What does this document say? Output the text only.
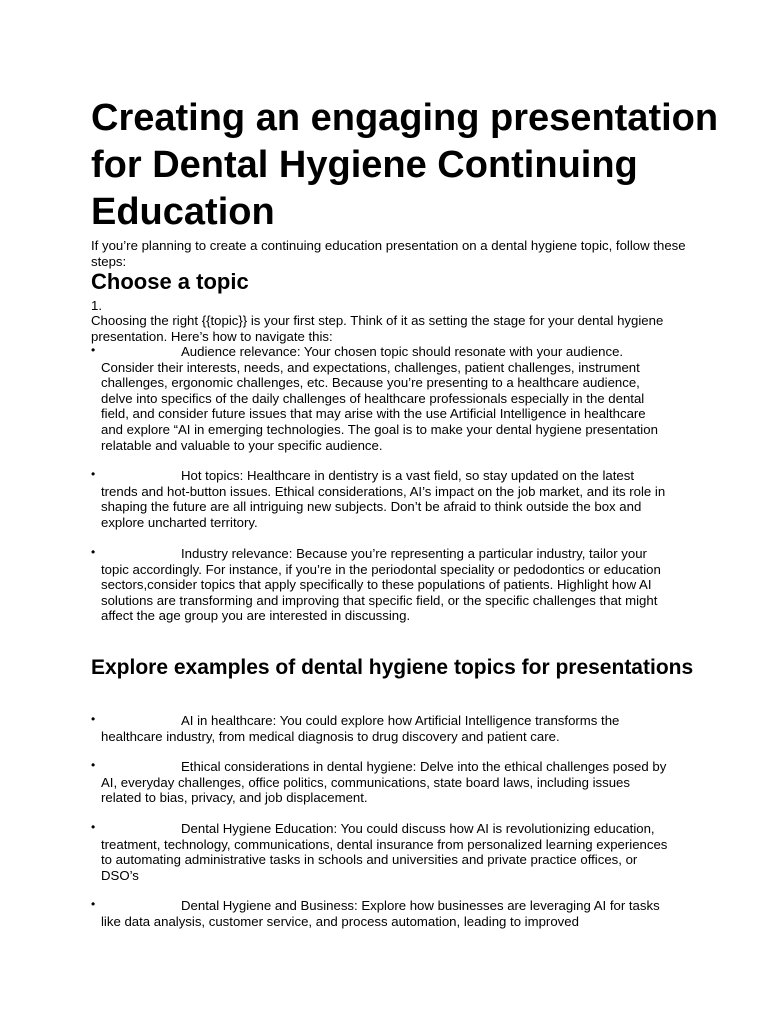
Creating an engaging presentation for Dental Hygiene Continuing Education

If you’re planning to create a continuing education presentation on a dental hygiene topic, follow these steps:

Choose a topic

1.

Choosing the right {{topic}} is your first step. Think of it as setting the stage for your dental hygiene presentation. Here’s how to navigate this:

•	Audience relevance: Your chosen topic should resonate with your audience. Consider their interests, needs, and expectations, challenges, patient challenges, instrument challenges, ergonomic challenges, etc. Because you’re presenting to a healthcare audience, delve into specifics of the daily challenges of healthcare professionals especially in the dental field, and consider future issues that may arise with the use Artificial Intelligence in healthcare and explore “AI in emerging technologies. The goal is to make your dental hygiene presentation relatable and valuable to your specific audience.

•	Hot topics: Healthcare in dentistry is a vast field, so stay updated on the latest trends and hot-button issues. Ethical considerations, AI’s impact on the job market, and its role in shaping the future are all intriguing new subjects. Don’t be afraid to think outside the box and explore uncharted territory.

•	Industry relevance: Because you’re representing a particular industry, tailor your topic accordingly. For instance, if you’re in the periodontal speciality or pedodontics or education sectors,consider topics that apply specifically to these populations of patients. Highlight how AI solutions are transforming and improving that specific field, or the specific challenges that might affect the age group you are interested in discussing.

Explore examples of dental hygiene topics for presentations
•	AI in healthcare: You could explore how Artificial Intelligence transforms the healthcare industry, from medical diagnosis to drug discovery and patient care.

•	Ethical considerations in dental hygiene: Delve into the ethical challenges posed by AI, everyday challenges, office politics, communications, state board laws, including issues related to bias, privacy, and job displacement.

•	Dental Hygiene Education: You could discuss how AI is revolutionizing education, treatment, technology, communications, dental insurance from personalized learning experiences to automating administrative tasks in schools and universities and private practice offices, or DSO’s

•	Dental Hygiene and Business: Explore how businesses are leveraging AI for tasks like data analysis, customer service, and process automation, leading to improved
